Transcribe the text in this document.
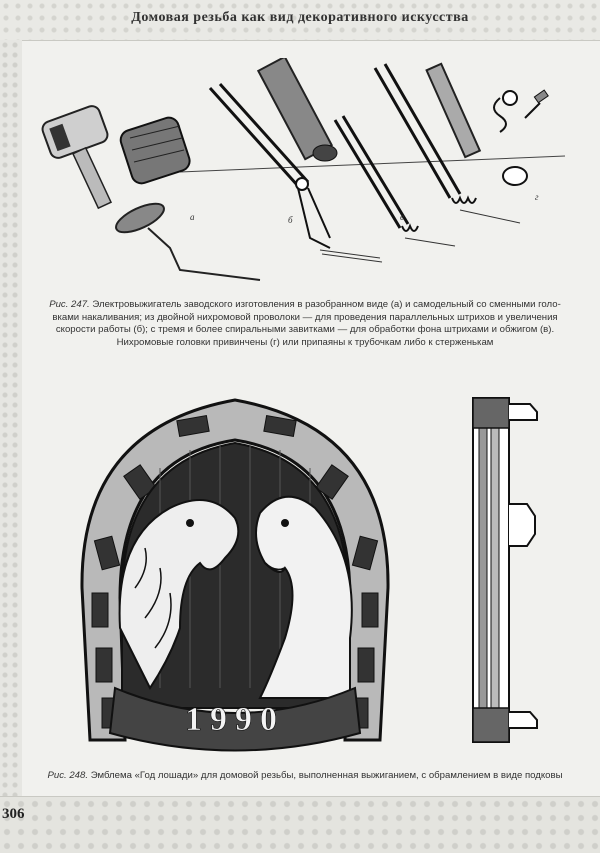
Домовая резьба как вид декоративного искусства
а	б	в
г
Рис. 247. Электровыжигатель заводского изготовления в разобранном виде (а) и самодельный со сменными голо- вками накаливания; из двойной нихромовой проволоки — для проведения параллельных штрихов и увеличения скорости работы (б); с тремя и более спиральными завитками — для обработки фона штрихами и обжигом (в). Нихромовые головки привинчены (г) или припаяны к трубочкам либо к стерженькам
1990
Рис. 248. Эмблема «Год лошади» для домовой резьбы, выполненная выжиганием, с обрамлением в виде подковы
306
